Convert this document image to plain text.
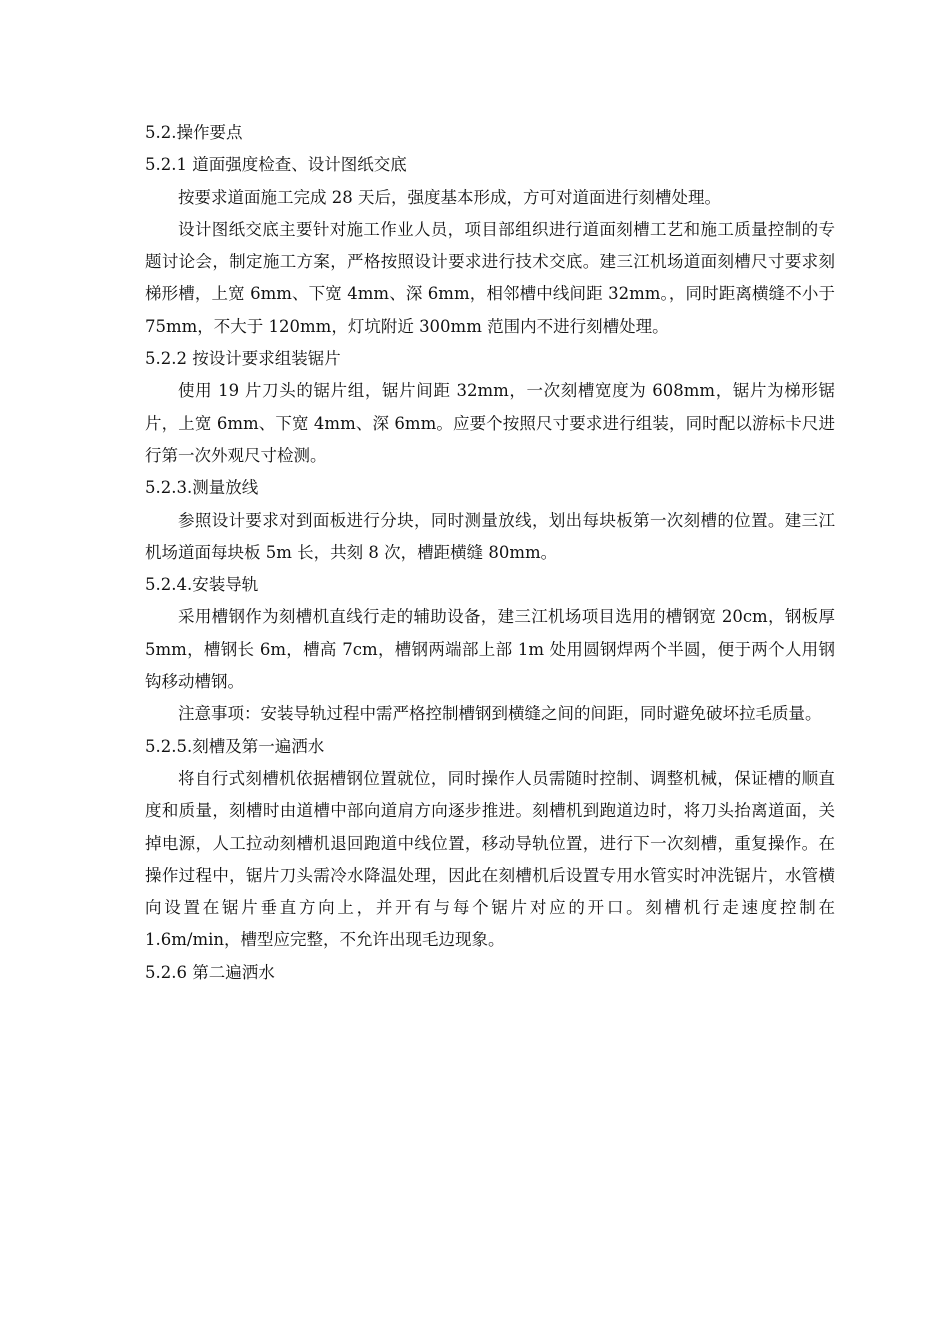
5.2.操作要点

5.2.1 道面强度检查、设计图纸交底

按要求道面施工完成 28 天后，强度基本形成，方可对道面进行刻槽处理。

设计图纸交底主要针对施工作业人员，项目部组织进行道面刻槽工艺和施工质量控制的专题讨论会，制定施工方案，严格按照设计要求进行技术交底。建三江机场道面刻槽尺寸要求刻梯形槽，上宽 6mm、下宽 4mm、深 6mm，相邻槽中线间距 32mm。，同时距离横缝不小于 75mm，不大于 120mm，灯坑附近 300mm 范围内不进行刻槽处理。

5.2.2 按设计要求组装锯片

使用 19 片刀头的锯片组，锯片间距 32mm，一次刻槽宽度为 608mm，锯片为梯形锯片，上宽 6mm、下宽 4mm、深 6mm。应要个按照尺寸要求进行组装，同时配以游标卡尺进行第一次外观尺寸检测。

5.2.3.测量放线

参照设计要求对到面板进行分块，同时测量放线，划出每块板第一次刻槽的位置。建三江机场道面每块板 5m 长，共刻 8 次，槽距横缝 80mm。

5.2.4.安装导轨

采用槽钢作为刻槽机直线行走的辅助设备，建三江机场项目选用的槽钢宽 20cm，钢板厚 5mm，槽钢长 6m，槽高 7cm，槽钢两端部上部 1m 处用圆钢焊两个半圆，便于两个人用钢钩移动槽钢。

注意事项：安装导轨过程中需严格控制槽钢到横缝之间的间距，同时避免破坏拉毛质量。

5.2.5.刻槽及第一遍洒水

将自行式刻槽机依据槽钢位置就位，同时操作人员需随时控制、调整机械，保证槽的顺直度和质量，刻槽时由道槽中部向道肩方向逐步推进。刻槽机到跑道边时，将刀头抬离道面，关掉电源，人工拉动刻槽机退回跑道中线位置，移动导轨位置，进行下一次刻槽，重复操作。在操作过程中，锯片刀头需冷水降温处理，因此在刻槽机后设置专用水管实时冲洗锯片，水管横向设置在锯片垂直方向上，并开有与每个锯片对应的开口。刻槽机行走速度控制在 1.6m/min，槽型应完整，不允许出现毛边现象。

5.2.6 第二遍洒水
